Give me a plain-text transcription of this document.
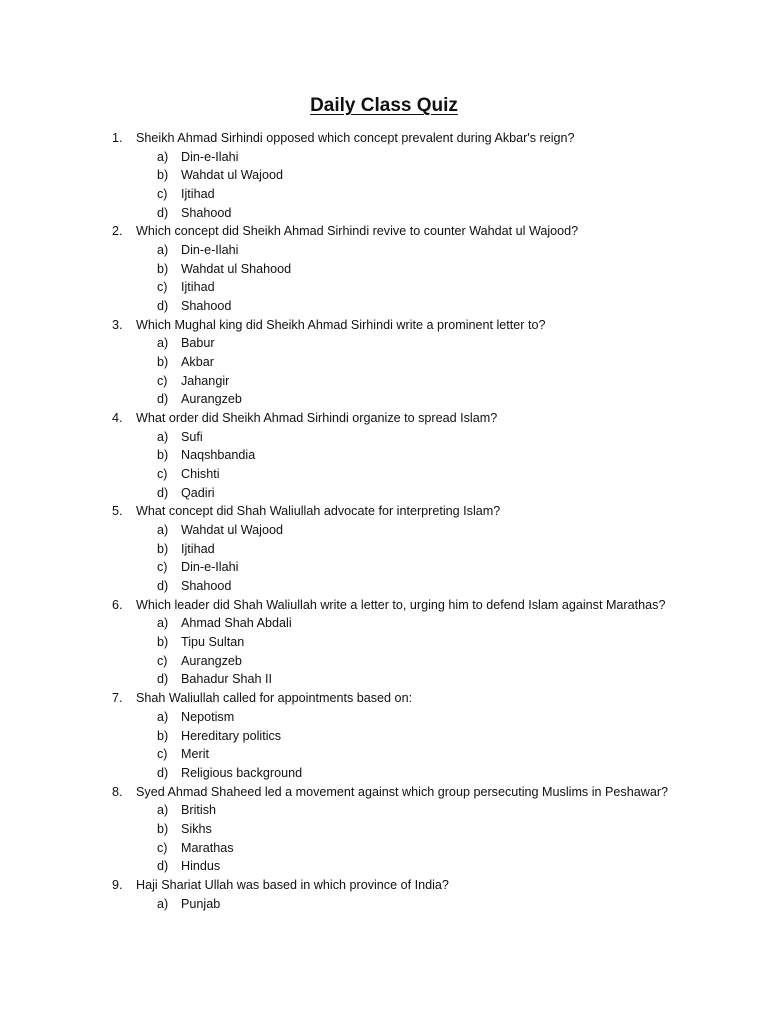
Daily Class Quiz
1.	Sheikh Ahmad Sirhindi opposed which concept prevalent during Akbar's reign?
a)	Din-e-Ilahi
b)	Wahdat ul Wajood
c)	Ijtihad
d)	Shahood
2.	Which concept did Sheikh Ahmad Sirhindi revive to counter Wahdat ul Wajood?
a)	Din-e-Ilahi
b)	Wahdat ul Shahood
c)	Ijtihad
d)	Shahood
3.	Which Mughal king did Sheikh Ahmad Sirhindi write a prominent letter to?
a)	Babur
b)	Akbar
c)	Jahangir
d)	Aurangzeb
4.	What order did Sheikh Ahmad Sirhindi organize to spread Islam?
a)	Sufi
b)	Naqshbandia
c)	Chishti
d)	Qadiri
5.	What concept did Shah Waliullah advocate for interpreting Islam?
a)	Wahdat ul Wajood
b)	Ijtihad
c)	Din-e-Ilahi
d)	Shahood
6.	Which leader did Shah Waliullah write a letter to, urging him to defend Islam against Marathas?
a)	Ahmad Shah Abdali
b)	Tipu Sultan
c)	Aurangzeb
d)	Bahadur Shah II
7.	Shah Waliullah called for appointments based on:
a)	Nepotism
b)	Hereditary politics
c)	Merit
d)	Religious background
8.	Syed Ahmad Shaheed led a movement against which group persecuting Muslims in Peshawar?
a)	British
b)	Sikhs
c)	Marathas
d)	Hindus
9.	Haji Shariat Ullah was based in which province of India?
a)	Punjab
